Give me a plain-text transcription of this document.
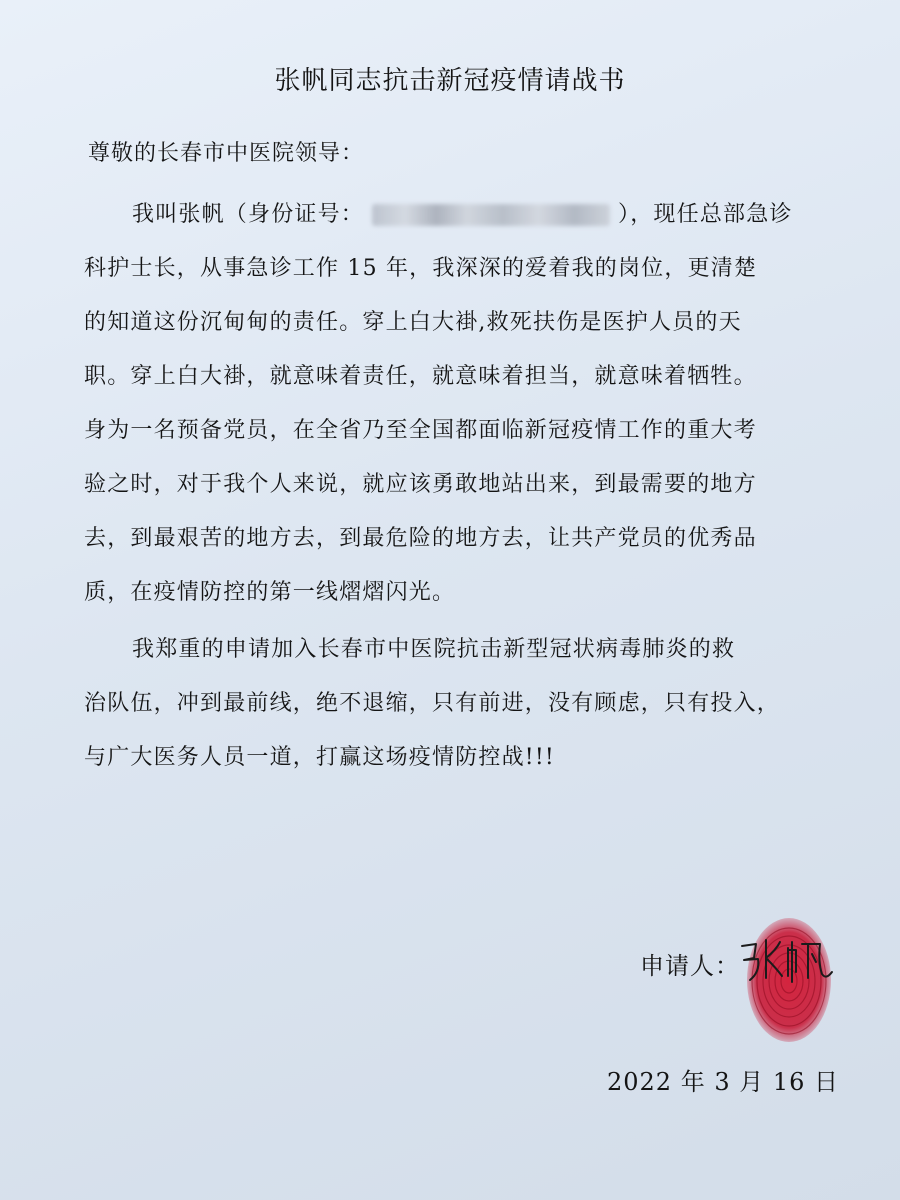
张帆同志抗击新冠疫情请战书
尊敬的长春市中医院领导：
我叫张帆（身份证号：	），现任总部急诊
科护士长，从事急诊工作 15 年，我深深的爱着我的岗位，更清楚
的知道这份沉甸甸的责任。穿上白大褂,救死扶伤是医护人员的天
职。穿上白大褂，就意味着责任，就意味着担当，就意味着牺牲。
身为一名预备党员，在全省乃至全国都面临新冠疫情工作的重大考
验之时，对于我个人来说，就应该勇敢地站出来，到最需要的地方
去，到最艰苦的地方去，到最危险的地方去，让共产党员的优秀品
质，在疫情防控的第一线熠熠闪光。
我郑重的申请加入长春市中医院抗击新型冠状病毒肺炎的救
治队伍，冲到最前线，绝不退缩，只有前进，没有顾虑，只有投入，
与广大医务人员一道，打赢这场疫情防控战!!!
申请人：
2022 年 3 月 16 日
